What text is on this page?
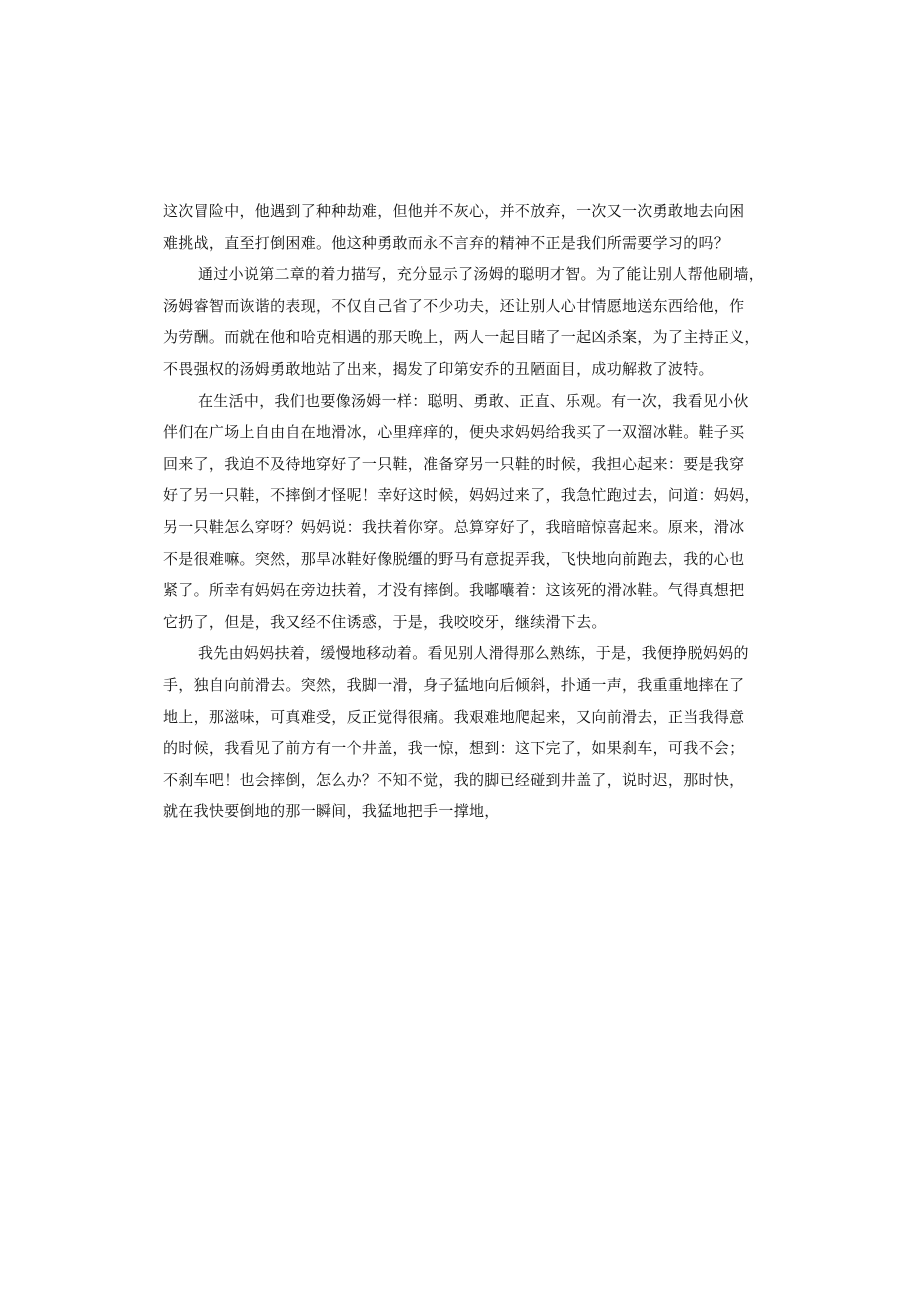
这次冒险中，他遇到了种种劫难，但他并不灰心，并不放弃，一次又一次勇敢地去向困
难挑战，直至打倒困难。他这种勇敢而永不言弃的精神不正是我们所需要学习的吗？
通过小说第二章的着力描写，充分显示了汤姆的聪明才智。为了能让别人帮他刷墙，
汤姆睿智而诙谐的表现，不仅自己省了不少功夫，还让别人心甘情愿地送东西给他，作
为劳酬。而就在他和哈克相遇的那天晚上，两人一起目睹了一起凶杀案，为了主持正义，
不畏强权的汤姆勇敢地站了出来，揭发了印第安乔的丑陋面目，成功解救了波特。
在生活中，我们也要像汤姆一样：聪明、勇敢、正直、乐观。有一次，我看见小伙
伴们在广场上自由自在地滑冰，心里痒痒的，便央求妈妈给我买了一双溜冰鞋。鞋子买
回来了，我迫不及待地穿好了一只鞋，准备穿另一只鞋的时候，我担心起来：要是我穿
好了另一只鞋，不摔倒才怪呢！幸好这时候，妈妈过来了，我急忙跑过去，问道：妈妈，
另一只鞋怎么穿呀？妈妈说：我扶着你穿。总算穿好了，我暗暗惊喜起来。原来，滑冰
不是很难嘛。突然，那旱冰鞋好像脱缰的野马有意捉弄我，飞快地向前跑去，我的心也
紧了。所幸有妈妈在旁边扶着，才没有摔倒。我嘟囔着：这该死的滑冰鞋。气得真想把
它扔了，但是，我又经不住诱惑，于是，我咬咬牙，继续滑下去。
我先由妈妈扶着，缓慢地移动着。看见别人滑得那么熟练，于是，我便挣脱妈妈的
手，独自向前滑去。突然，我脚一滑，身子猛地向后倾斜，扑通一声，我重重地摔在了
地上，那滋味，可真难受，反正觉得很痛。我艰难地爬起来，又向前滑去，正当我得意
的时候，我看见了前方有一个井盖，我一惊，想到：这下完了，如果刹车，可我不会；
不刹车吧！也会摔倒，怎么办？不知不觉，我的脚已经碰到井盖了，说时迟，那时快，
就在我快要倒地的那一瞬间，我猛地把手一撑地，
